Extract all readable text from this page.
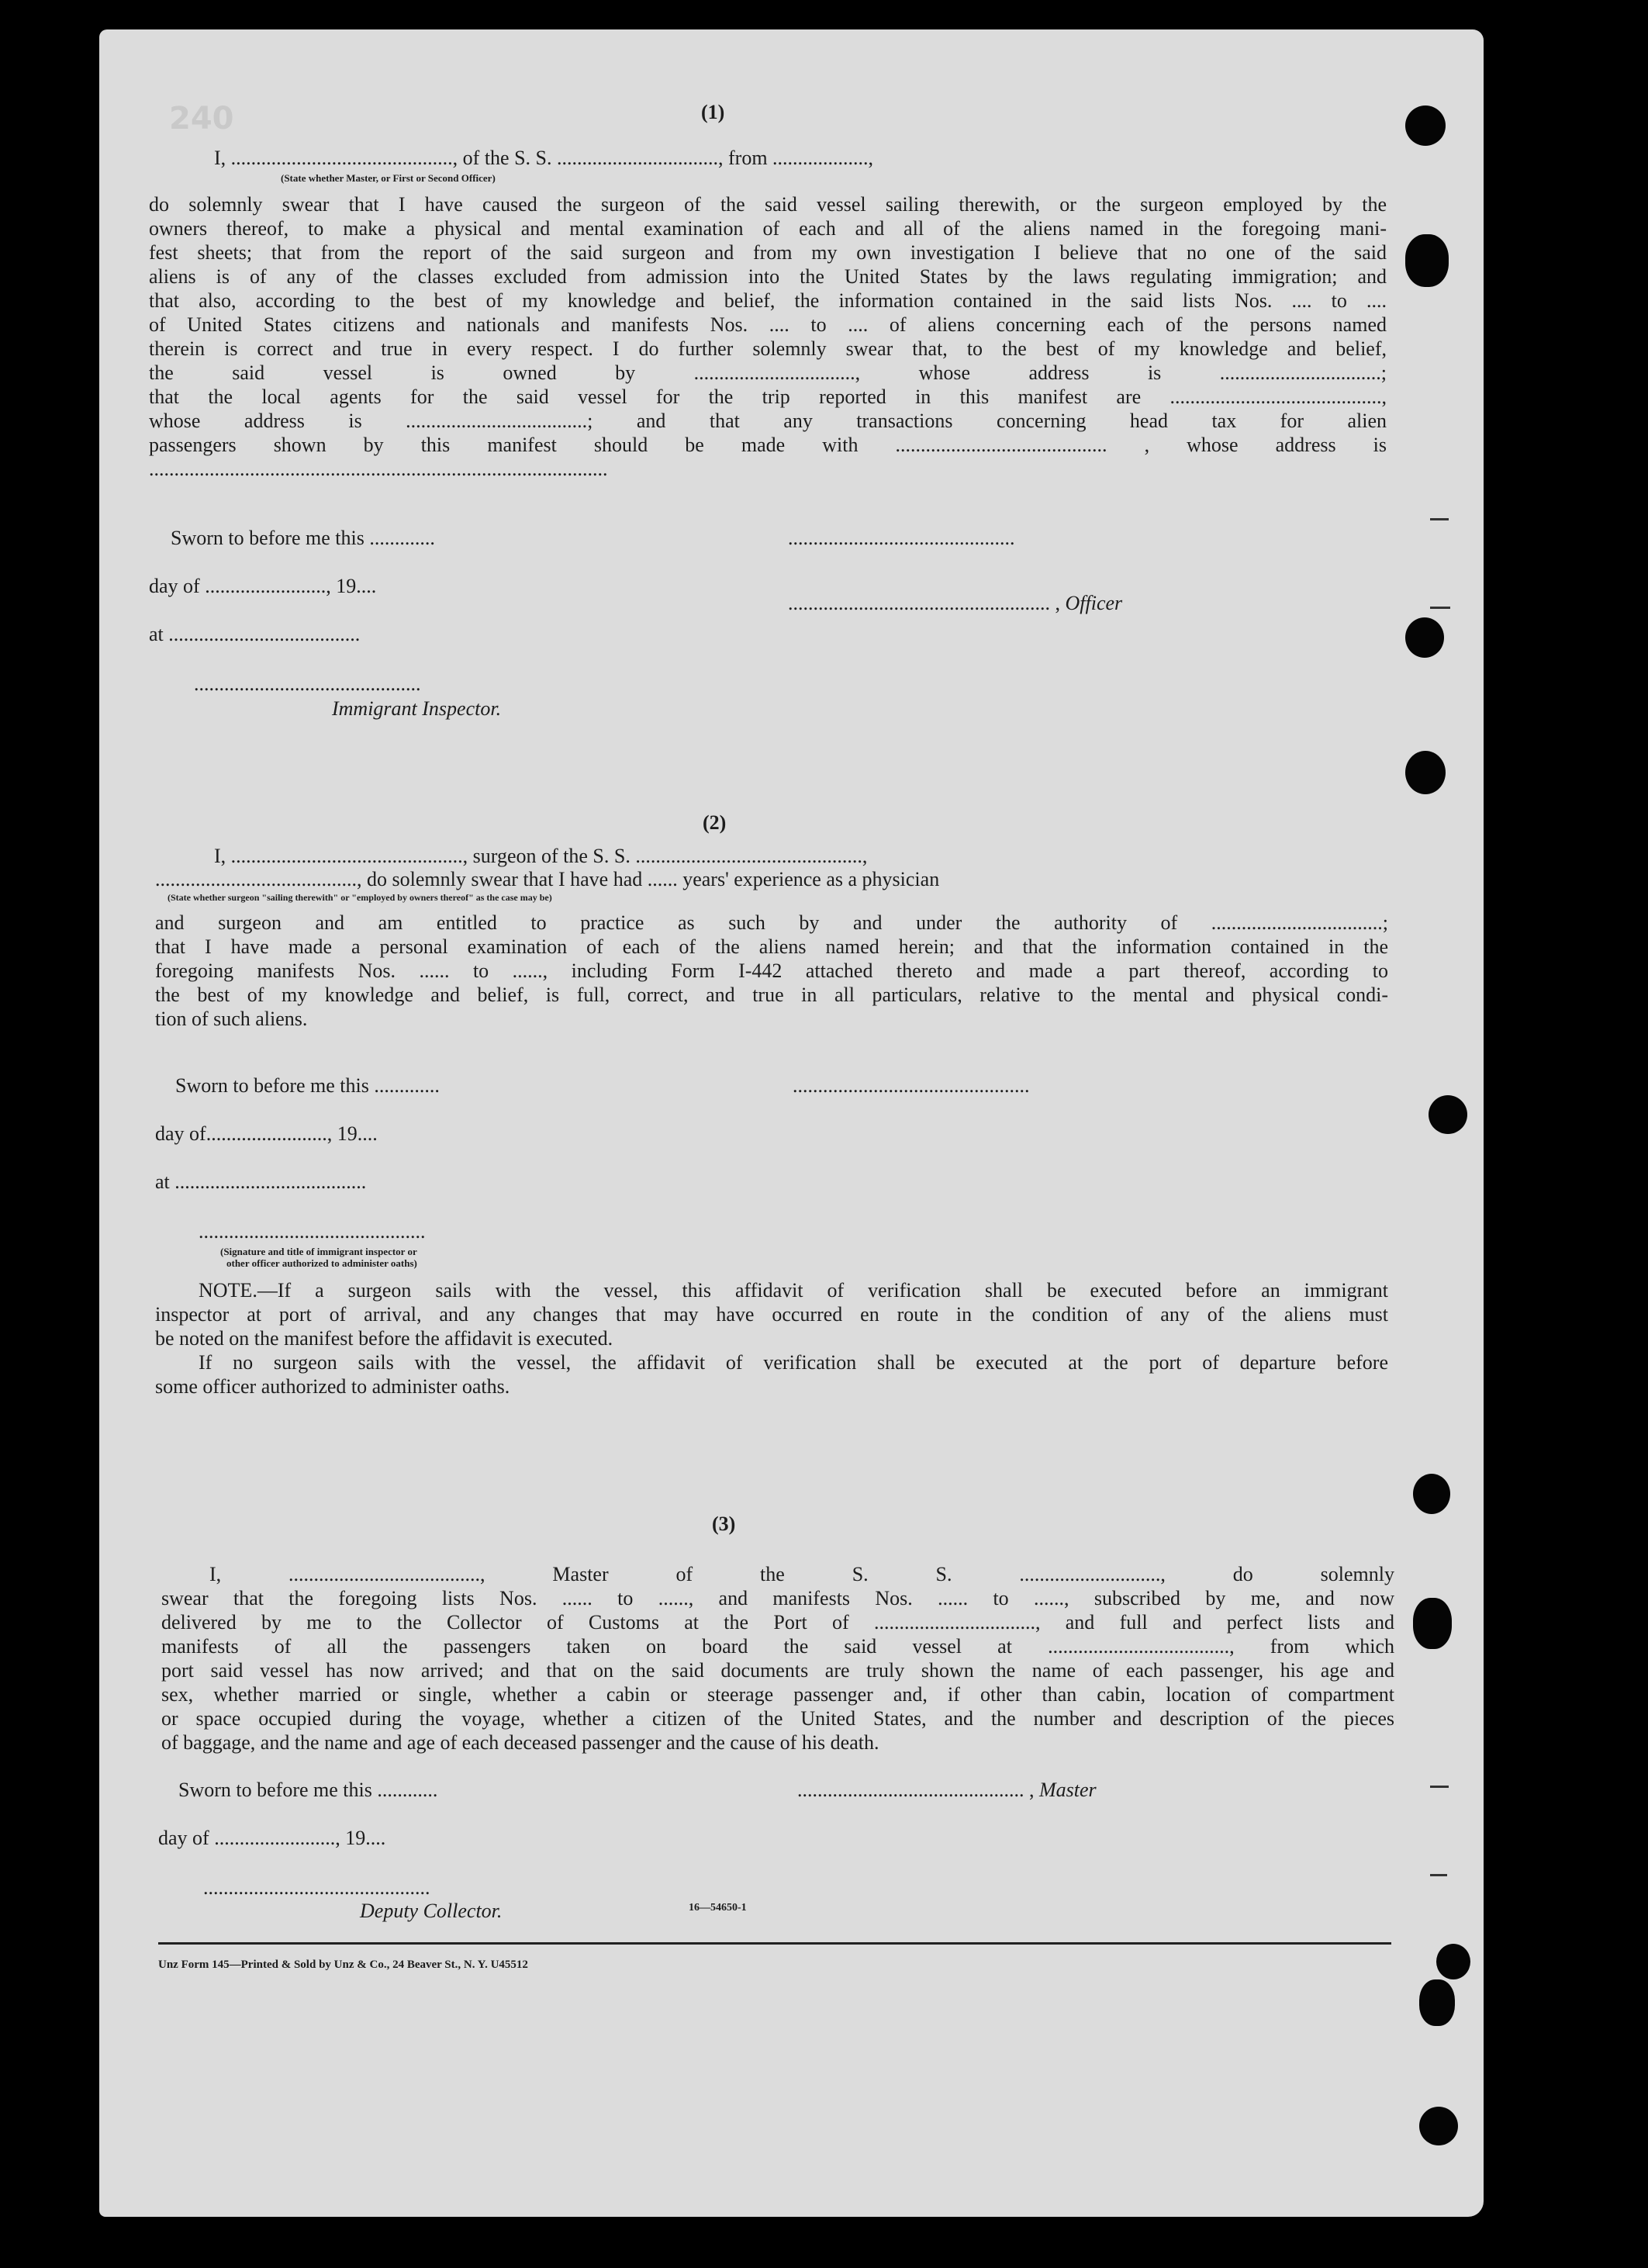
240	(1)
I, ............................................, of the S. S. ................................, from ...................,
(State whether Master, or First or Second Officer)
do solemnly swear that I have caused the surgeon of the said vessel sailing therewith, or the surgeon employed by the
owners thereof, to make a physical and mental examination of each and all of the aliens named in the foregoing mani-
fest sheets; that from the report of the said surgeon and from my own investigation I believe that no one of the said
aliens is of any of the classes excluded from admission into the United States by the laws regulating immigration; and
that also, according to the best of my knowledge and belief, the information contained in the said lists Nos. .... to ....
of United States citizens and nationals and manifests Nos. .... to .... of aliens concerning each of the persons named
therein is correct and true in every respect. I do further solemnly swear that, to the best of my knowledge and belief,
the said vessel is owned by ................................, whose address is ................................;
that the local agents for the said vessel for the trip reported in this manifest are ..........................................,
whose address is ....................................; and that any transactions concerning head tax for alien
passengers shown by this manifest should be made with .......................................... , whose address is
...........................................................................................
Sworn to before me this .............	.............................................
day of ........................, 19....
.................................................... , Officer
at ......................................
.............................................
Immigrant Inspector.
(2)
I, .............................................., surgeon of the S. S. .............................................,
........................................, do solemnly swear that I have had ...... years' experience as a physician
(State whether surgeon "sailing therewith" or "employed by owners thereof" as the case may be)
and surgeon and am entitled to practice as such by and under the authority of ..................................;
that I have made a personal examination of each of the aliens named herein; and that the information contained in the
foregoing manifests Nos. ...... to ......, including Form I-442 attached thereto and made a part thereof, according to
the best of my knowledge and belief, is full, correct, and true in all particulars, relative to the mental and physical condi-
tion of such aliens.
Sworn to before me this .............	...............................................
day of........................, 19....
at ......................................
.............................................
(Signature and title of immigrant inspector or
other officer authorized to administer oaths)
NOTE.—If a surgeon sails with the vessel, this affidavit of verification shall be executed before an immigrant
inspector at port of arrival, and any changes that may have occurred en route in the condition of any of the aliens must
be noted on the manifest before the affidavit is executed.
If no surgeon sails with the vessel, the affidavit of verification shall be executed at the port of departure before
some officer authorized to administer oaths.
(3)
I, ......................................, Master of the S. S. ............................, do solemnly
swear that the foregoing lists Nos. ...... to ......, and manifests Nos. ...... to ......, subscribed by me, and now
delivered by me to the Collector of Customs at the Port of ................................, and full and perfect lists and
manifests of all the passengers taken on board the said vessel at ...................................., from which
port said vessel has now arrived; and that on the said documents are truly shown the name of each passenger, his age and
sex, whether married or single, whether a cabin or steerage passenger and, if other than cabin, location of compartment
or space occupied during the voyage, whether a citizen of the United States, and the number and description of the pieces
of baggage, and the name and age of each deceased passenger and the cause of his death.
Sworn to before me this ............	............................................. , Master
day of ........................, 19....
.............................................
Deputy Collector.	16—54650-1
Unz Form 145—Printed & Sold by Unz & Co., 24 Beaver St., N. Y. U45512
